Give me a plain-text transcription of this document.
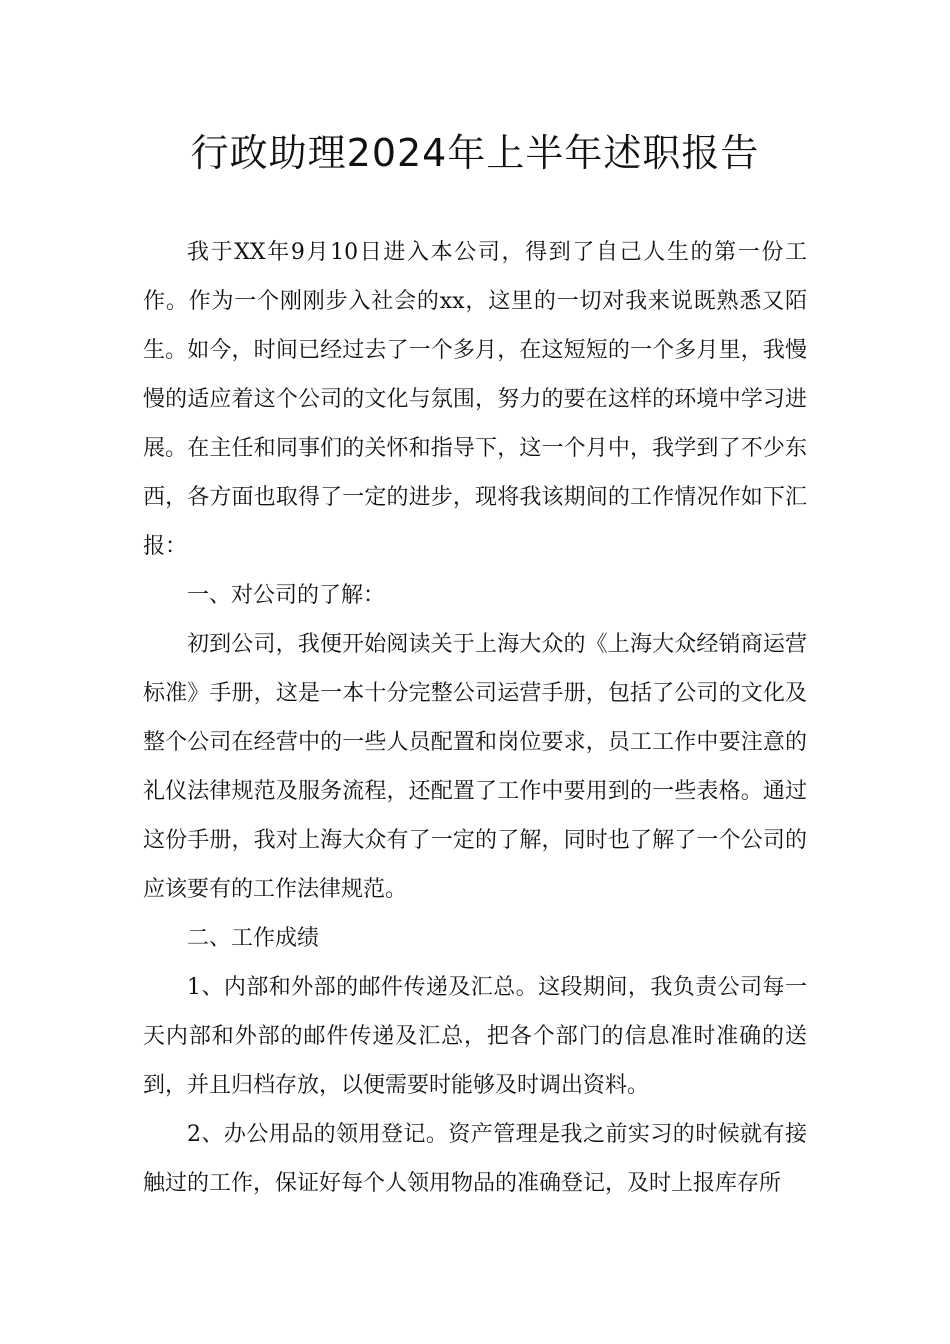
行政助理2024年上半年述职报告

我于XX年9月10日进入本公司，得到了自己人生的第一份工作。作为一个刚刚步入社会的xx，这里的一切对我来说既熟悉又陌生。如今，时间已经过去了一个多月，在这短短的一个多月里，我慢慢的适应着这个公司的文化与氛围，努力的要在这样的环境中学习进展。在主任和同事们的关怀和指导下，这一个月中，我学到了不少东西，各方面也取得了一定的进步，现将我该期间的工作情况作如下汇报：

一、对公司的了解：

初到公司，我便开始阅读关于上海大众的《上海大众经销商运营标准》手册，这是一本十分完整公司运营手册，包括了公司的文化及整个公司在经营中的一些人员配置和岗位要求，员工工作中要注意的礼仪法律规范及服务流程，还配置了工作中要用到的一些表格。通过这份手册，我对上海大众有了一定的了解，同时也了解了一个公司的应该要有的工作法律规范。

二、工作成绩

1、内部和外部的邮件传递及汇总。这段期间，我负责公司每一天内部和外部的邮件传递及汇总，把各个部门的信息准时准确的送到，并且归档存放，以便需要时能够及时调出资料。

2、办公用品的领用登记。资产管理是我之前实习的时候就有接触过的工作，保证好每个人领用物品的准确登记，及时上报库存所
